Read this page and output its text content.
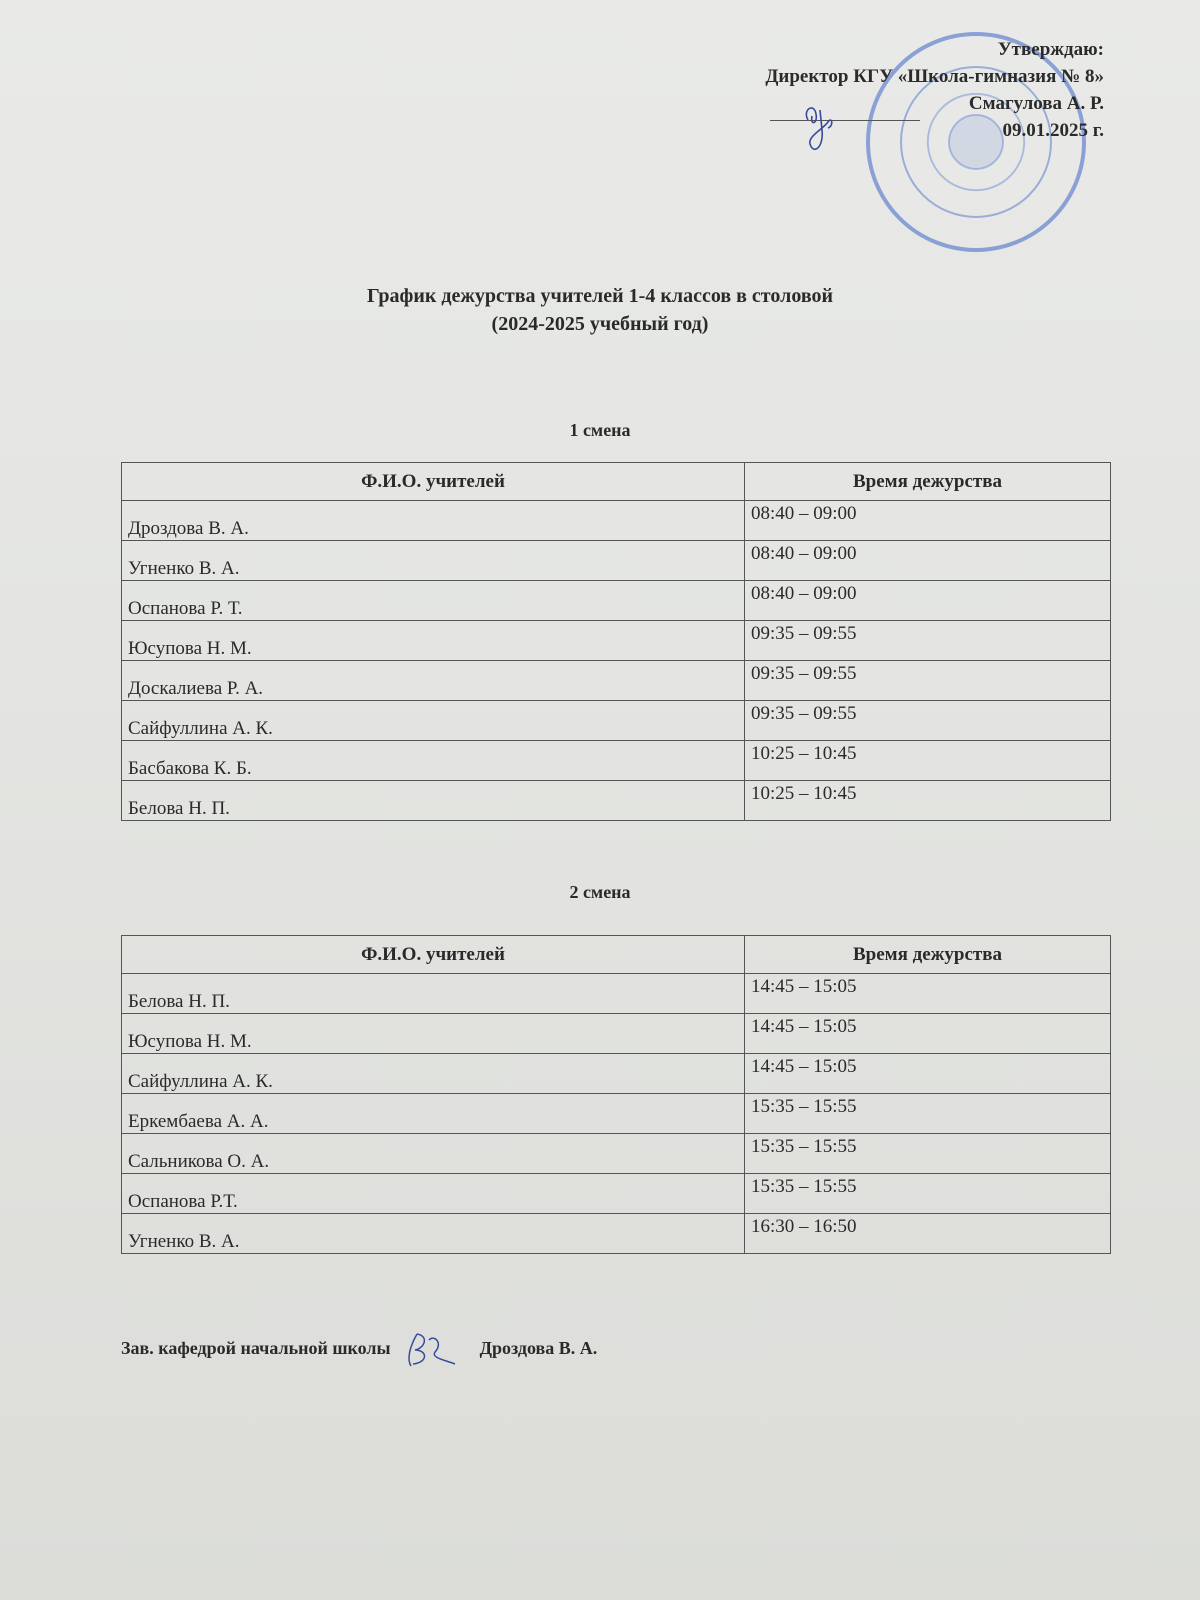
Утверждаю:
Директор КГУ «Школа-гимназия № 8»
Смагулова А. Р.
09.01.2025 г.
График дежурства учителей 1-4 классов в столовой
(2024-2025 учебный год)
1 смена
Ф.И.О. учителей	Время дежурства
Дроздова В. А.	08:40 – 09:00
Угненко В. А.	08:40 – 09:00
Оспанова Р. Т.	08:40 – 09:00
Юсупова Н. М.	09:35 – 09:55
Доскалиева Р. А.	09:35 – 09:55
Сайфуллина А. К.	09:35 – 09:55
Басбакова К. Б.	10:25 – 10:45
Белова Н. П.	10:25 – 10:45
2 смена
Ф.И.О. учителей	Время дежурства
Белова Н. П.	14:45 – 15:05
Юсупова Н. М.	14:45 – 15:05
Сайфуллина А. К.	14:45 – 15:05
Еркембаева А. А.	15:35 – 15:55
Сальникова О. А.	15:35 – 15:55
Оспанова Р.Т.	15:35 – 15:55
Угненко В. А.	16:30 – 16:50
Зав. кафедрой начальной школы	Дроздова В. А.
